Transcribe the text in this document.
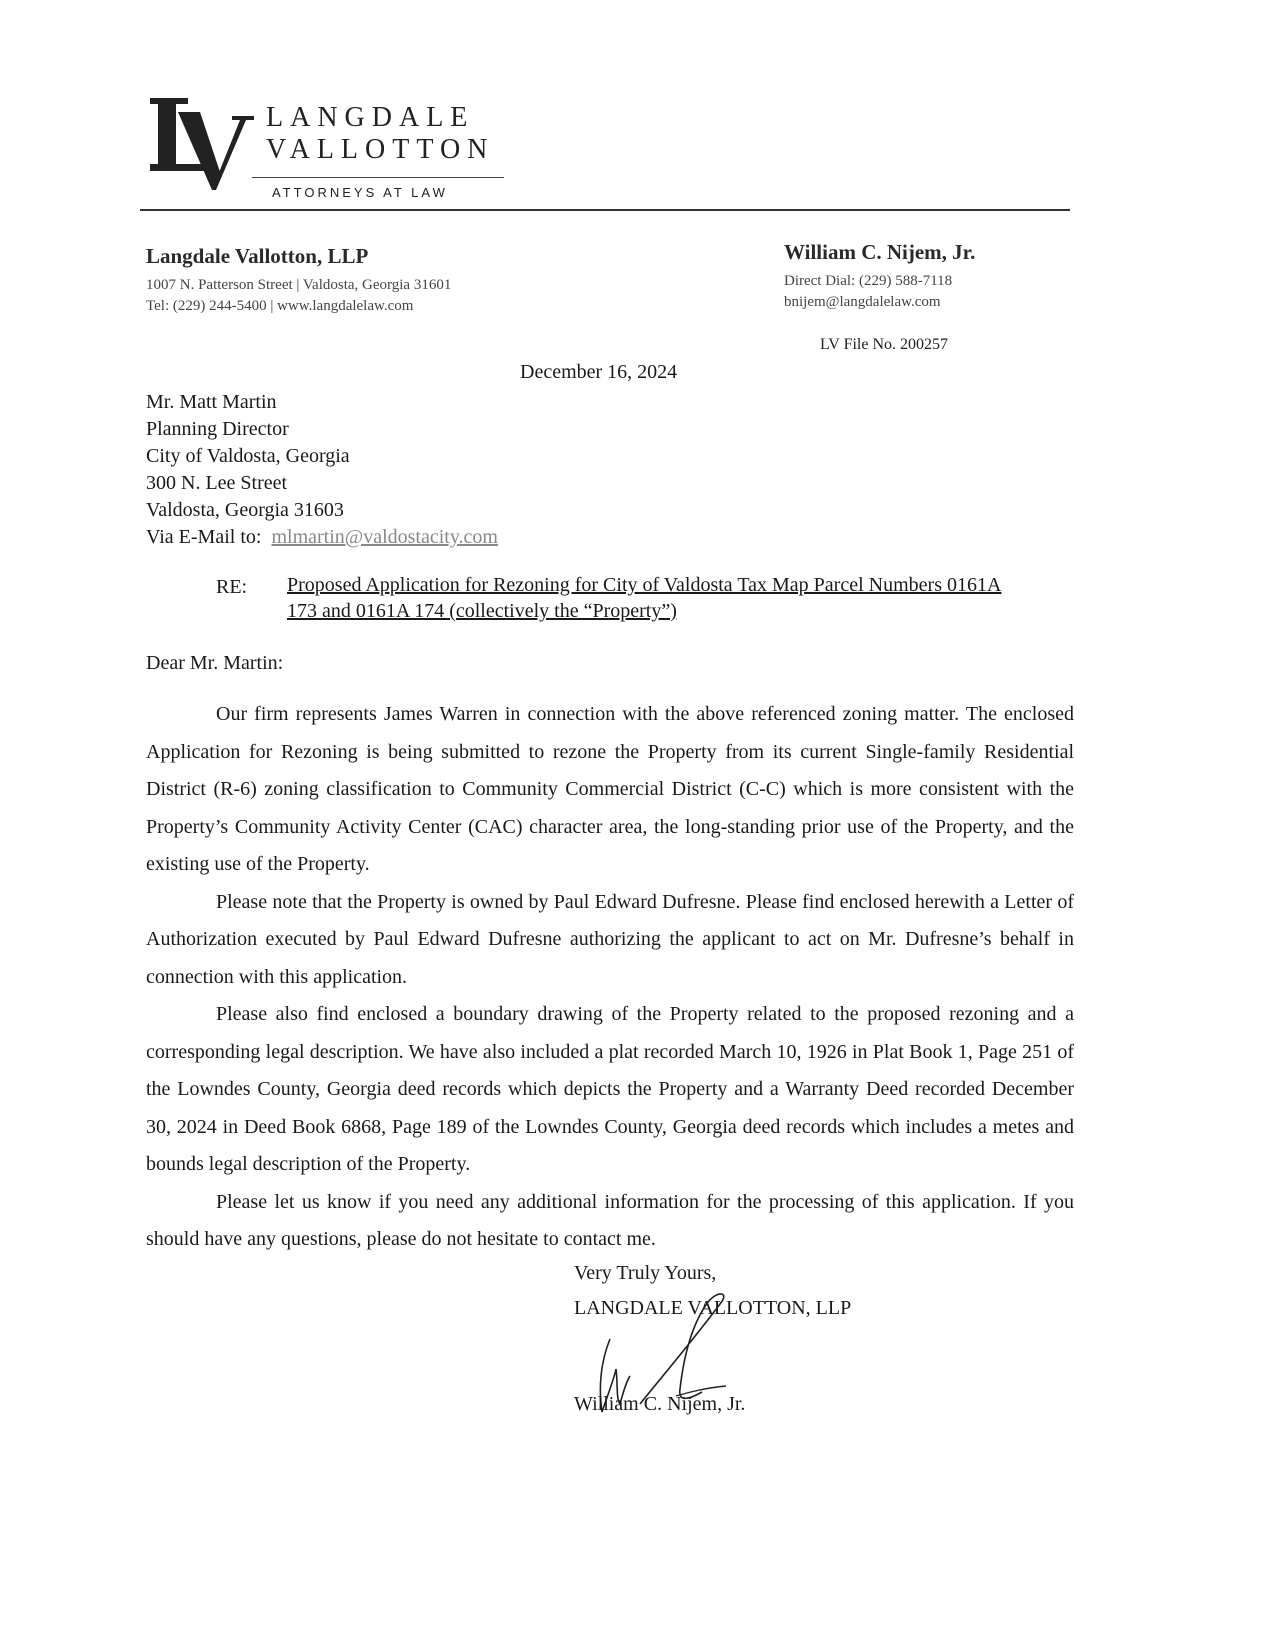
LANGDALE
VALLOTTON
ATTORNEYS AT LAW
Langdale Vallotton, LLP
1007 N. Patterson Street | Valdosta, Georgia 31601
Tel: (229) 244-5400 | www.langdalelaw.com
William C. Nijem, Jr.
Direct Dial: (229) 588-7118
bnijem@langdalelaw.com
LV File No. 200257
December 16, 2024
Mr. Matt Martin
Planning Director
City of Valdosta, Georgia
300 N. Lee Street
Valdosta, Georgia 31603
Via E-Mail to: mlmartin@valdostacity.com
RE: Proposed Application for Rezoning for City of Valdosta Tax Map Parcel Numbers 0161A 173 and 0161A 174 (collectively the “Property”)
Dear Mr. Martin:

Our firm represents James Warren in connection with the above referenced zoning matter. The enclosed Application for Rezoning is being submitted to rezone the Property from its current Single-family Residential District (R-6) zoning classification to Community Commercial District (C-C) which is more consistent with the Property’s Community Activity Center (CAC) character area, the long-standing prior use of the Property, and the existing use of the Property.

Please note that the Property is owned by Paul Edward Dufresne. Please find enclosed herewith a Letter of Authorization executed by Paul Edward Dufresne authorizing the applicant to act on Mr. Dufresne’s behalf in connection with this application.

Please also find enclosed a boundary drawing of the Property related to the proposed rezoning and a corresponding legal description. We have also included a plat recorded March 10, 1926 in Plat Book 1, Page 251 of the Lowndes County, Georgia deed records which depicts the Property and a Warranty Deed recorded December 30, 2024 in Deed Book 6868, Page 189 of the Lowndes County, Georgia deed records which includes a metes and bounds legal description of the Property.

Please let us know if you need any additional information for the processing of this application. If you should have any questions, please do not hesitate to contact me.

Very Truly Yours,
LANGDALE VALLOTTON, LLP
William C. Nijem, Jr.
